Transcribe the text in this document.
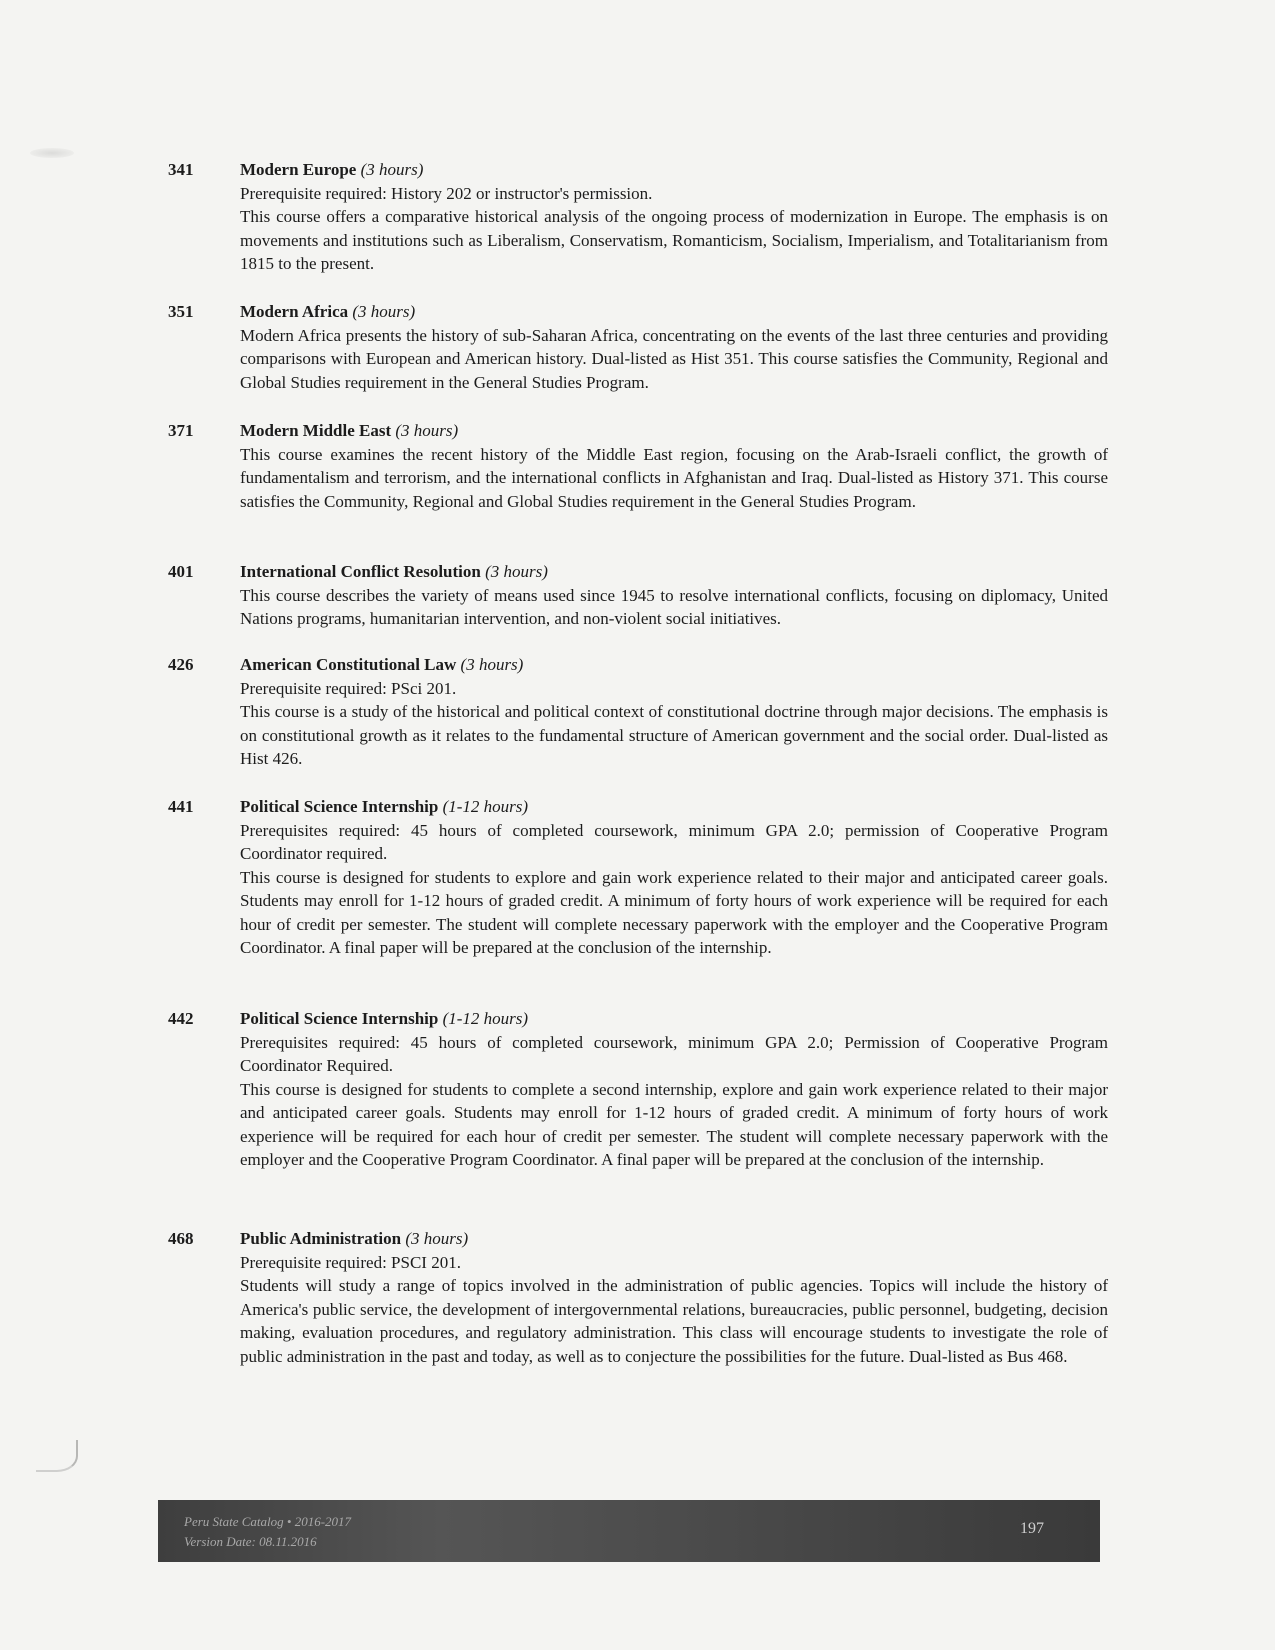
341	Modern Europe (3 hours)
Prerequisite required: History 202 or instructor's permission.
This course offers a comparative historical analysis of the ongoing process of modernization in Europe. The emphasis is on movements and institutions such as Liberalism, Conservatism, Romanticism, Socialism, Imperialism, and Totalitarianism from 1815 to the present.
351	Modern Africa (3 hours)
Modern Africa presents the history of sub-Saharan Africa, concentrating on the events of the last three centuries and providing comparisons with European and American history. Dual-listed as Hist 351. This course satisfies the Community, Regional and Global Studies requirement in the General Studies Program.
371	Modern Middle East (3 hours)
This course examines the recent history of the Middle East region, focusing on the Arab-Israeli conflict, the growth of fundamentalism and terrorism, and the international conflicts in Afghanistan and Iraq. Dual-listed as History 371. This course satisfies the Community, Regional and Global Studies requirement in the General Studies Program.
401	International Conflict Resolution (3 hours)
This course describes the variety of means used since 1945 to resolve international conflicts, focusing on diplomacy, United Nations programs, humanitarian intervention, and non-violent social initiatives.
426	American Constitutional Law (3 hours)
Prerequisite required: PSci 201.
This course is a study of the historical and political context of constitutional doctrine through major decisions. The emphasis is on constitutional growth as it relates to the fundamental structure of American government and the social order. Dual-listed as Hist 426.
441	Political Science Internship (1-12 hours)
Prerequisites required: 45 hours of completed coursework, minimum GPA 2.0; permission of Cooperative Program Coordinator required.
This course is designed for students to explore and gain work experience related to their major and anticipated career goals. Students may enroll for 1-12 hours of graded credit. A minimum of forty hours of work experience will be required for each hour of credit per semester. The student will complete necessary paperwork with the employer and the Cooperative Program Coordinator. A final paper will be prepared at the conclusion of the internship.
442	Political Science Internship (1-12 hours)
Prerequisites required: 45 hours of completed coursework, minimum GPA 2.0; Permission of Cooperative Program Coordinator Required.
This course is designed for students to complete a second internship, explore and gain work experience related to their major and anticipated career goals. Students may enroll for 1-12 hours of graded credit. A minimum of forty hours of work experience will be required for each hour of credit per semester. The student will complete necessary paperwork with the employer and the Cooperative Program Coordinator. A final paper will be prepared at the conclusion of the internship.
468	Public Administration (3 hours)
Prerequisite required: PSCI 201.
Students will study a range of topics involved in the administration of public agencies. Topics will include the history of America's public service, the development of intergovernmental relations, bureaucracies, public personnel, budgeting, decision making, evaluation procedures, and regulatory administration. This class will encourage students to investigate the role of public administration in the past and today, as well as to conjecture the possibilities for the future. Dual-listed as Bus 468.
Peru State Catalog • 2016-2017
Version Date: 08.11.2016
197
